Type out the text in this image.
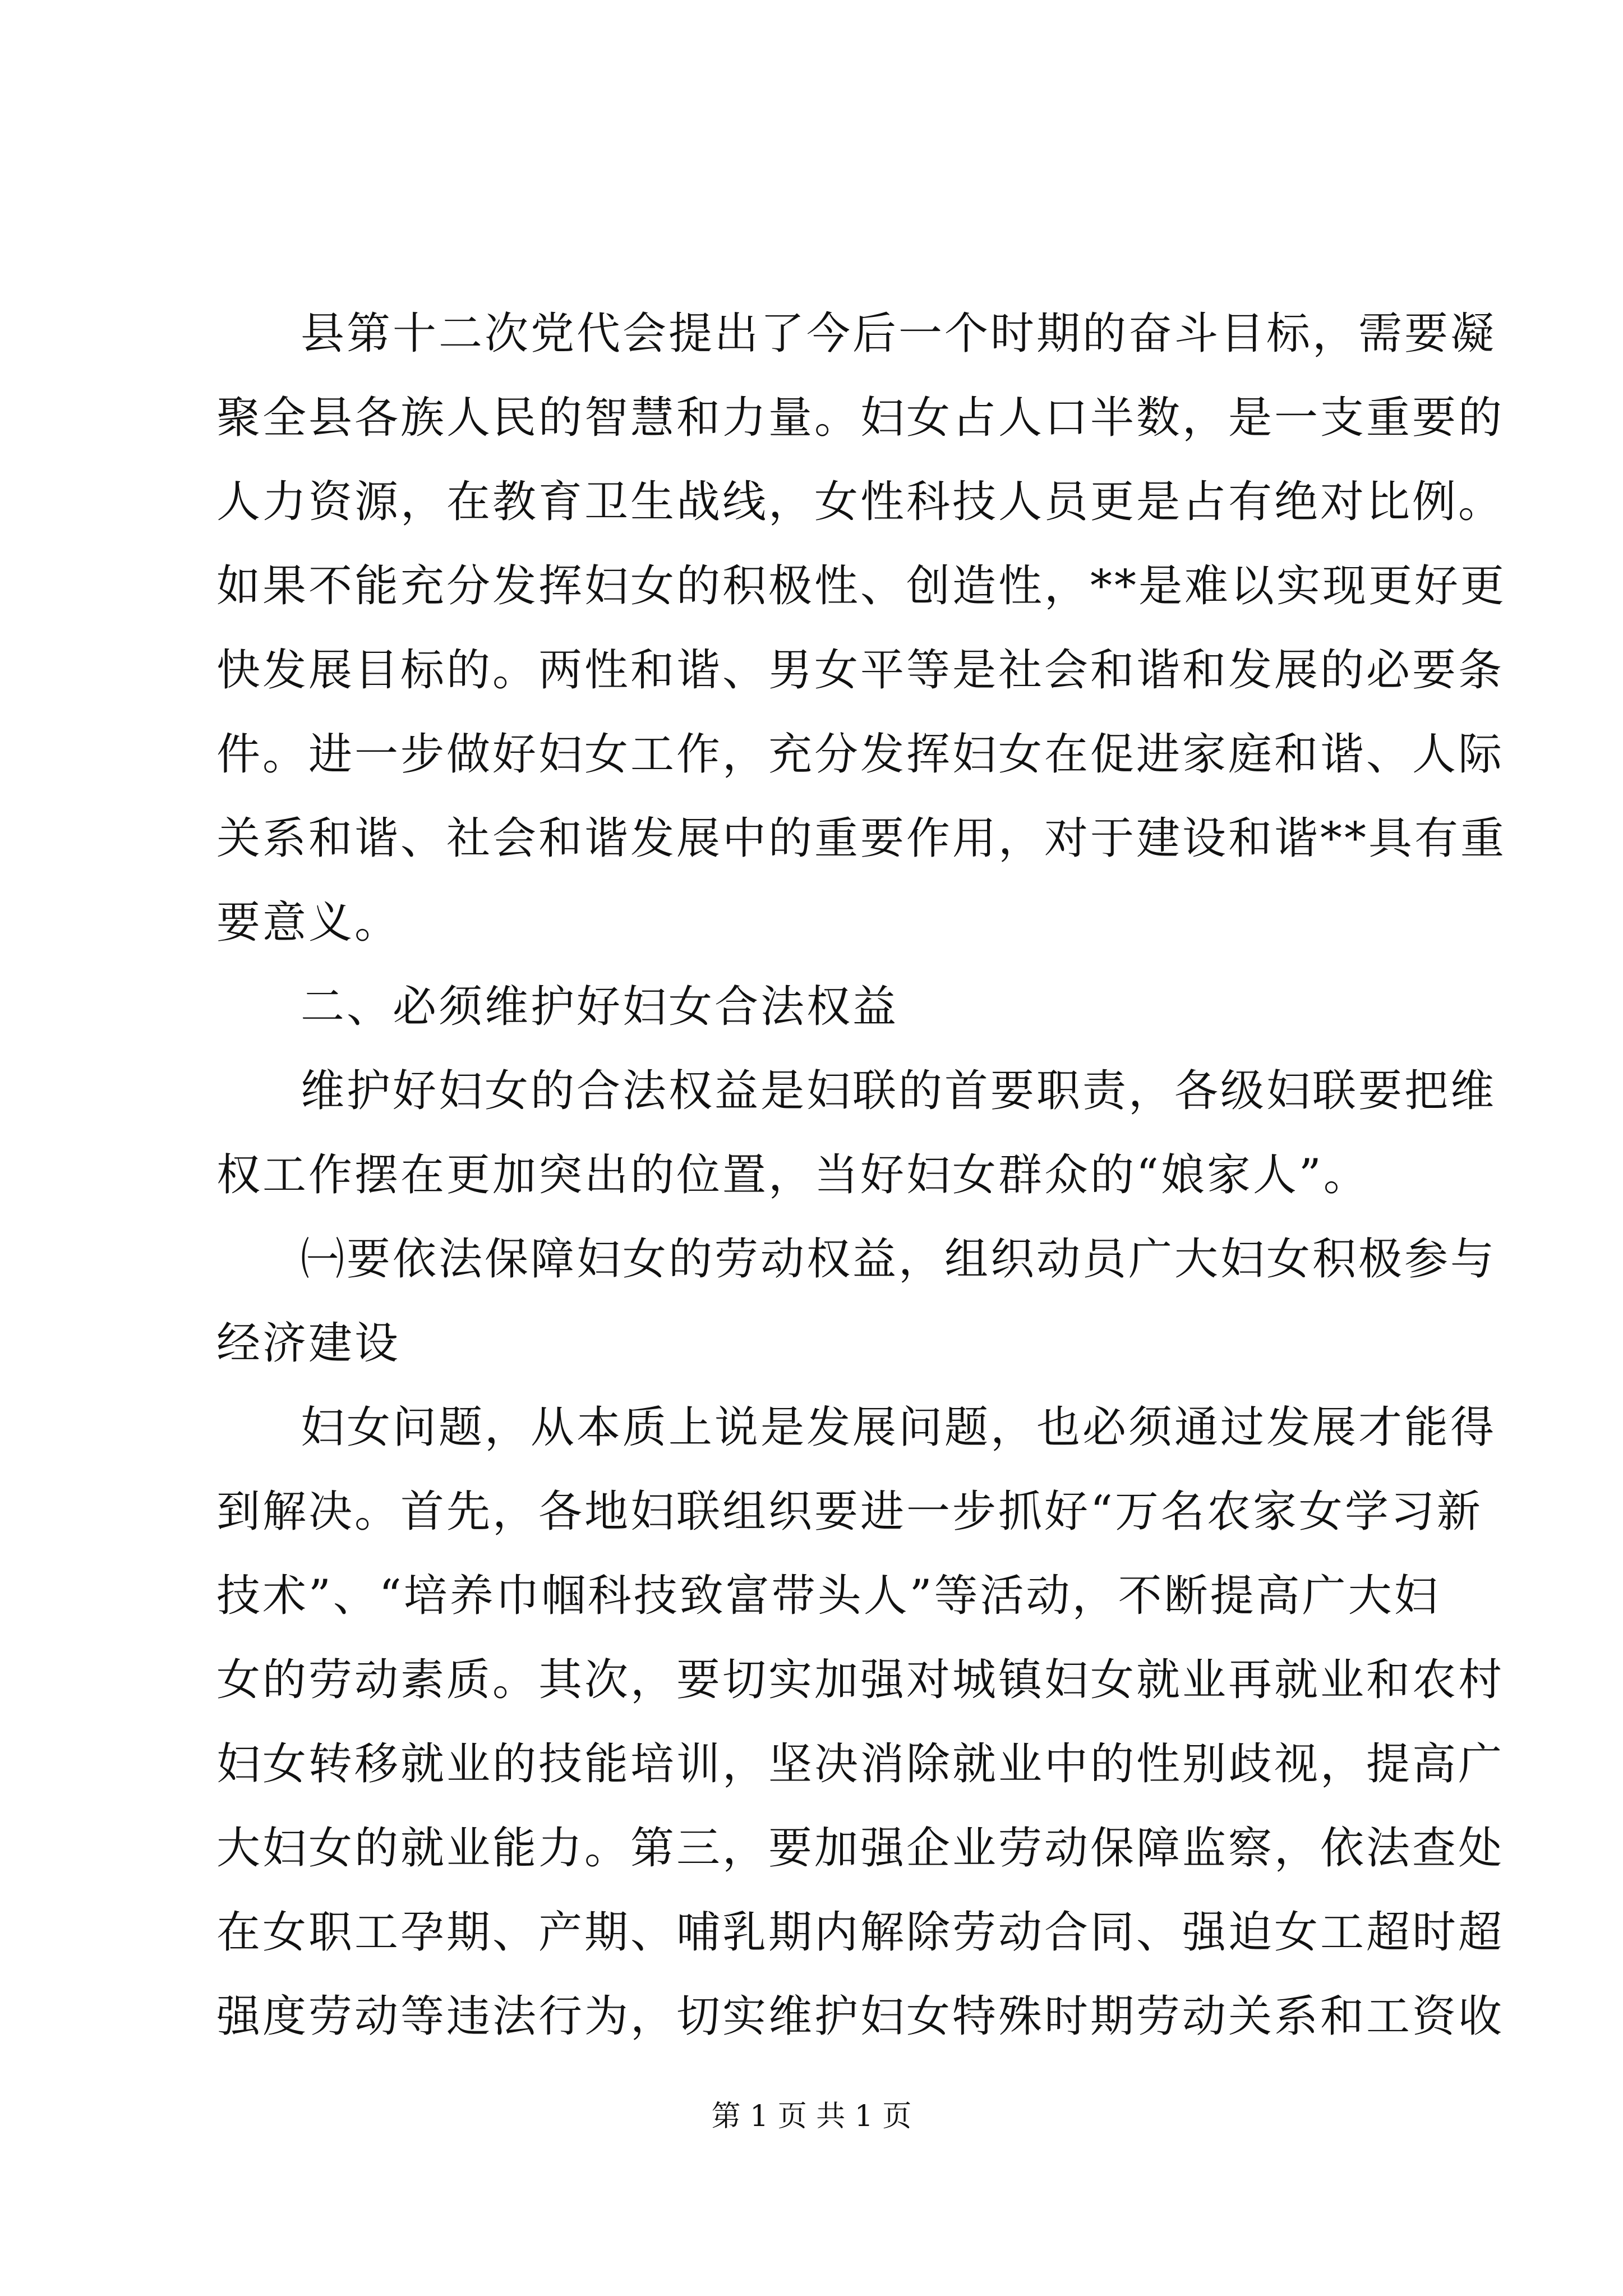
县第十二次党代会提出了今后一个时期的奋斗目标，需要凝
聚全县各族人民的智慧和力量。妇女占人口半数，是一支重要的
人力资源，在教育卫生战线，女性科技人员更是占有绝对比例。
如果不能充分发挥妇女的积极性、创造性，**是难以实现更好更
快发展目标的。两性和谐、男女平等是社会和谐和发展的必要条
件。进一步做好妇女工作，充分发挥妇女在促进家庭和谐、人际
关系和谐、社会和谐发展中的重要作用，对于建设和谐**具有重
要意义。
二、必须维护好妇女合法权益
维护好妇女的合法权益是妇联的首要职责，各级妇联要把维
权工作摆在更加突出的位置，当好妇女群众的“娘家人”。
㈠要依法保障妇女的劳动权益，组织动员广大妇女积极参与
经济建设
妇女问题，从本质上说是发展问题，也必须通过发展才能得
到解决。首先，各地妇联组织要进一步抓好“万名农家女学习新
技术”、“培养巾帼科技致富带头人”等活动，不断提高广大妇
女的劳动素质。其次，要切实加强对城镇妇女就业再就业和农村
妇女转移就业的技能培训，坚决消除就业中的性别歧视，提高广
大妇女的就业能力。第三，要加强企业劳动保障监察，依法查处
在女职工孕期、产期、哺乳期内解除劳动合同、强迫女工超时超
强度劳动等违法行为，切实维护妇女特殊时期劳动关系和工资收
第 1 页 共 1 页
